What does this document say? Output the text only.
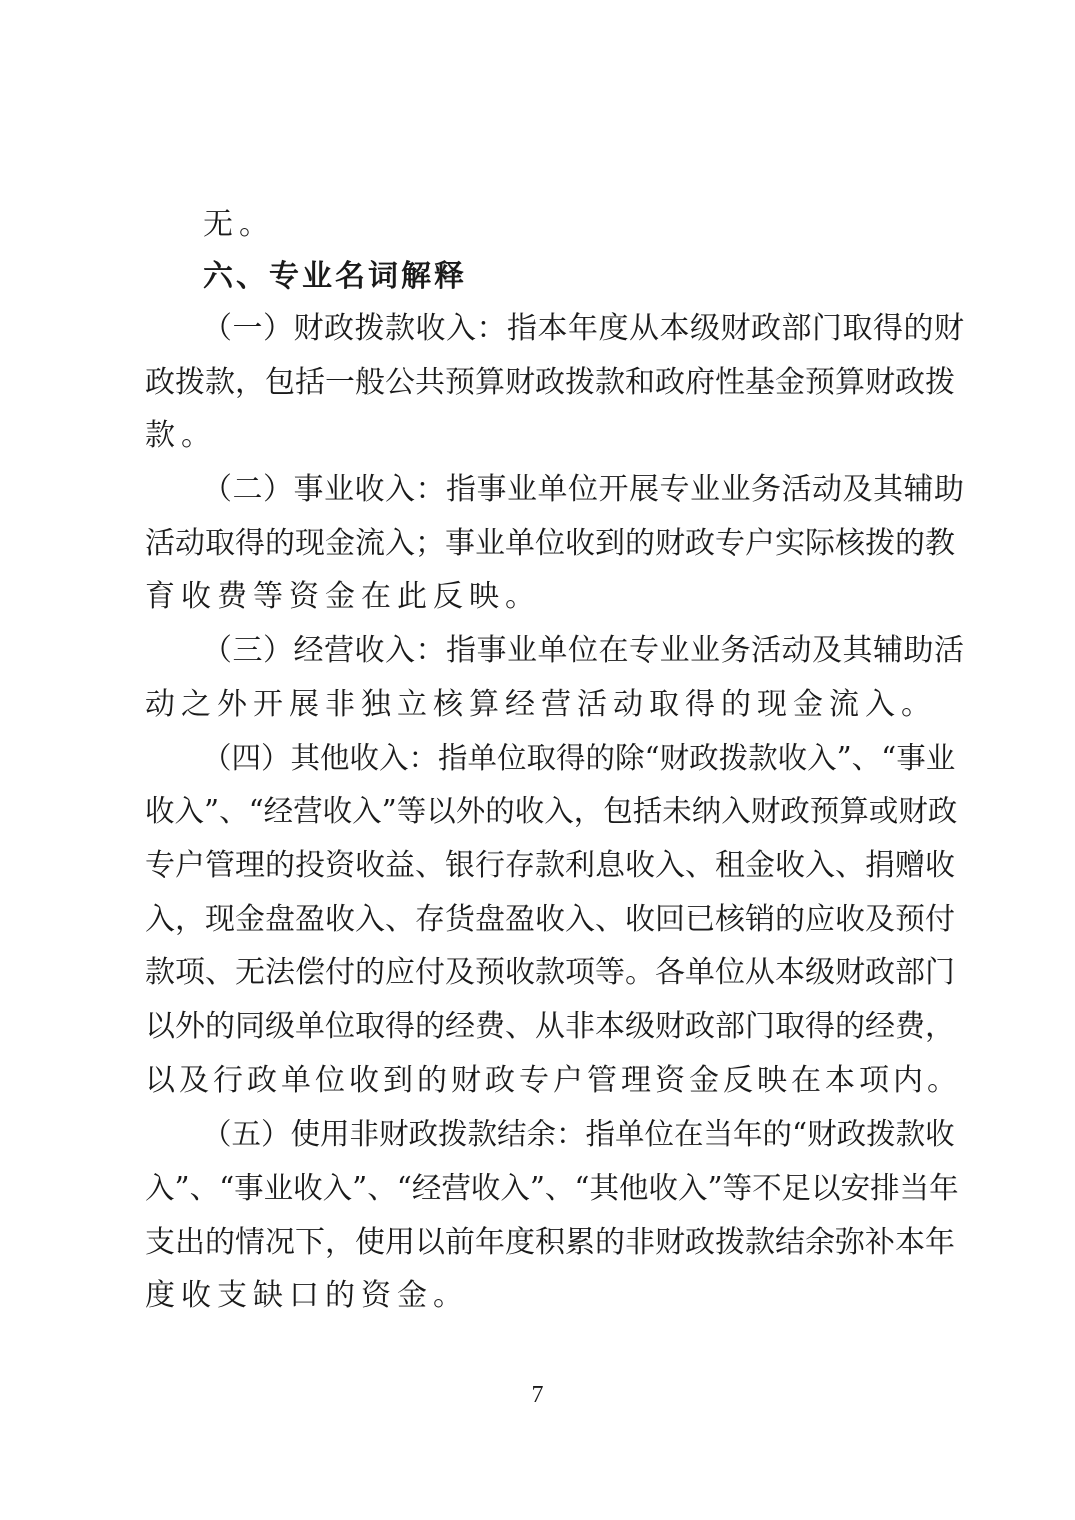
无。
六、专业名词解释
（一）财政拨款收入：指本年度从本级财政部门取得的财
政拨款，包括一般公共预算财政拨款和政府性基金预算财政拨
款。
（二）事业收入：指事业单位开展专业业务活动及其辅助
活动取得的现金流入；事业单位收到的财政专户实际核拨的教
育收费等资金在此反映。
（三）经营收入：指事业单位在专业业务活动及其辅助活
动之外开展非独立核算经营活动取得的现金流入。
（四）其他收入：指单位取得的除“财政拨款收入”、“事业
收入”、“经营收入”等以外的收入，包括未纳入财政预算或财政
专户管理的投资收益、银行存款利息收入、租金收入、捐赠收
入，现金盘盈收入、存货盘盈收入、收回已核销的应收及预付
款项、无法偿付的应付及预收款项等。各单位从本级财政部门
以外的同级单位取得的经费、从非本级财政部门取得的经费，
以及行政单位收到的财政专户管理资金反映在本项内。
（五）使用非财政拨款结余：指单位在当年的“财政拨款收
入”、“事业收入”、“经营收入”、“其他收入”等不足以安排当年
支出的情况下，使用以前年度积累的非财政拨款结余弥补本年
度收支缺口的资金。
7
